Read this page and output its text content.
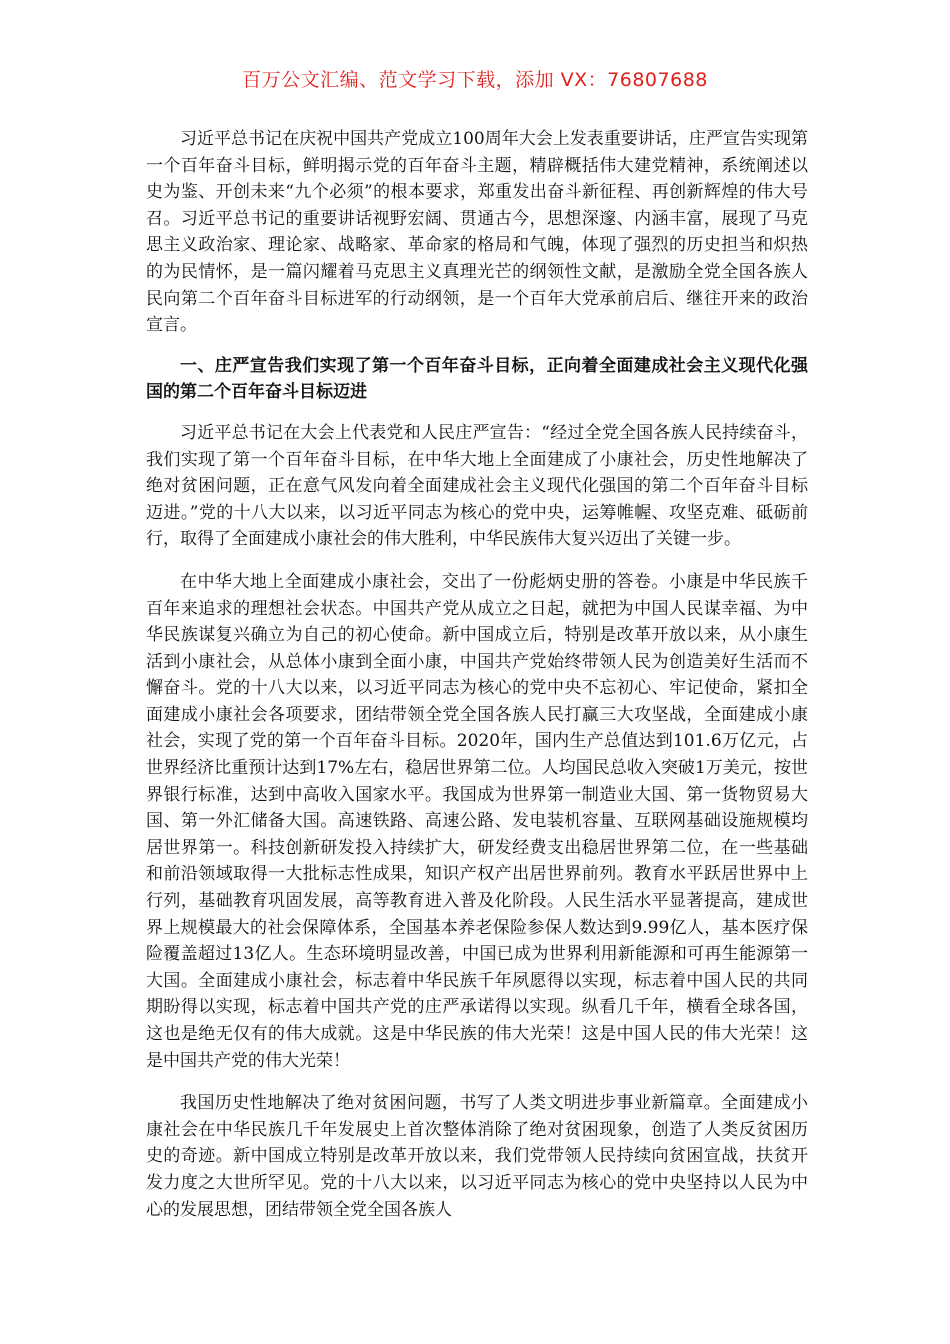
百万公文汇编、范文学习下载，添加 VX：76807688

习近平总书记在庆祝中国共产党成立100周年大会上发表重要讲话，庄严宣告实现第一个百年奋斗目标，鲜明揭示党的百年奋斗主题，精辟概括伟大建党精神，系统阐述以史为鉴、开创未来“九个必须”的根本要求，郑重发出奋斗新征程、再创新辉煌的伟大号召。习近平总书记的重要讲话视野宏阔、贯通古今，思想深邃、内涵丰富，展现了马克思主义政治家、理论家、战略家、革命家的格局和气魄，体现了强烈的历史担当和炽热的为民情怀，是一篇闪耀着马克思主义真理光芒的纲领性文献，是激励全党全国各族人民向第二个百年奋斗目标进军的行动纲领，是一个百年大党承前启后、继往开来的政治宣言。

一、庄严宣告我们实现了第一个百年奋斗目标，正向着全面建成社会主义现代化强国的第二个百年奋斗目标迈进

习近平总书记在大会上代表党和人民庄严宣告：“经过全党全国各族人民持续奋斗，我们实现了第一个百年奋斗目标，在中华大地上全面建成了小康社会，历史性地解决了绝对贫困问题，正在意气风发向着全面建成社会主义现代化强国的第二个百年奋斗目标迈进。”党的十八大以来，以习近平同志为核心的党中央，运筹帷幄、攻坚克难、砥砺前行，取得了全面建成小康社会的伟大胜利，中华民族伟大复兴迈出了关键一步。

在中华大地上全面建成小康社会，交出了一份彪炳史册的答卷。小康是中华民族千百年来追求的理想社会状态。中国共产党从成立之日起，就把为中国人民谋幸福、为中华民族谋复兴确立为自己的初心使命。新中国成立后，特别是改革开放以来，从小康生活到小康社会，从总体小康到全面小康，中国共产党始终带领人民为创造美好生活而不懈奋斗。党的十八大以来，以习近平同志为核心的党中央不忘初心、牢记使命，紧扣全面建成小康社会各项要求，团结带领全党全国各族人民打赢三大攻坚战，全面建成小康社会，实现了党的第一个百年奋斗目标。2020年，国内生产总值达到101.6万亿元，占世界经济比重预计达到17%左右，稳居世界第二位。人均国民总收入突破1万美元，按世界银行标准，达到中高收入国家水平。我国成为世界第一制造业大国、第一货物贸易大国、第一外汇储备大国。高速铁路、高速公路、发电装机容量、互联网基础设施规模均居世界第一。科技创新研发投入持续扩大，研发经费支出稳居世界第二位，在一些基础和前沿领域取得一大批标志性成果，知识产权产出居世界前列。教育水平跃居世界中上行列，基础教育巩固发展，高等教育进入普及化阶段。人民生活水平显著提高，建成世界上规模最大的社会保障体系，全国基本养老保险参保人数达到9.99亿人，基本医疗保险覆盖超过13亿人。生态环境明显改善，中国已成为世界利用新能源和可再生能源第一大国。全面建成小康社会，标志着中华民族千年夙愿得以实现，标志着中国人民的共同期盼得以实现，标志着中国共产党的庄严承诺得以实现。纵看几千年，横看全球各国，这也是绝无仅有的伟大成就。这是中华民族的伟大光荣！这是中国人民的伟大光荣！这是中国共产党的伟大光荣！

我国历史性地解决了绝对贫困问题，书写了人类文明进步事业新篇章。全面建成小康社会在中华民族几千年发展史上首次整体消除了绝对贫困现象，创造了人类反贫困历史的奇迹。新中国成立特别是改革开放以来，我们党带领人民持续向贫困宣战，扶贫开发力度之大世所罕见。党的十八大以来，以习近平同志为核心的党中央坚持以人民为中心的发展思想，团结带领全党全国各族人
